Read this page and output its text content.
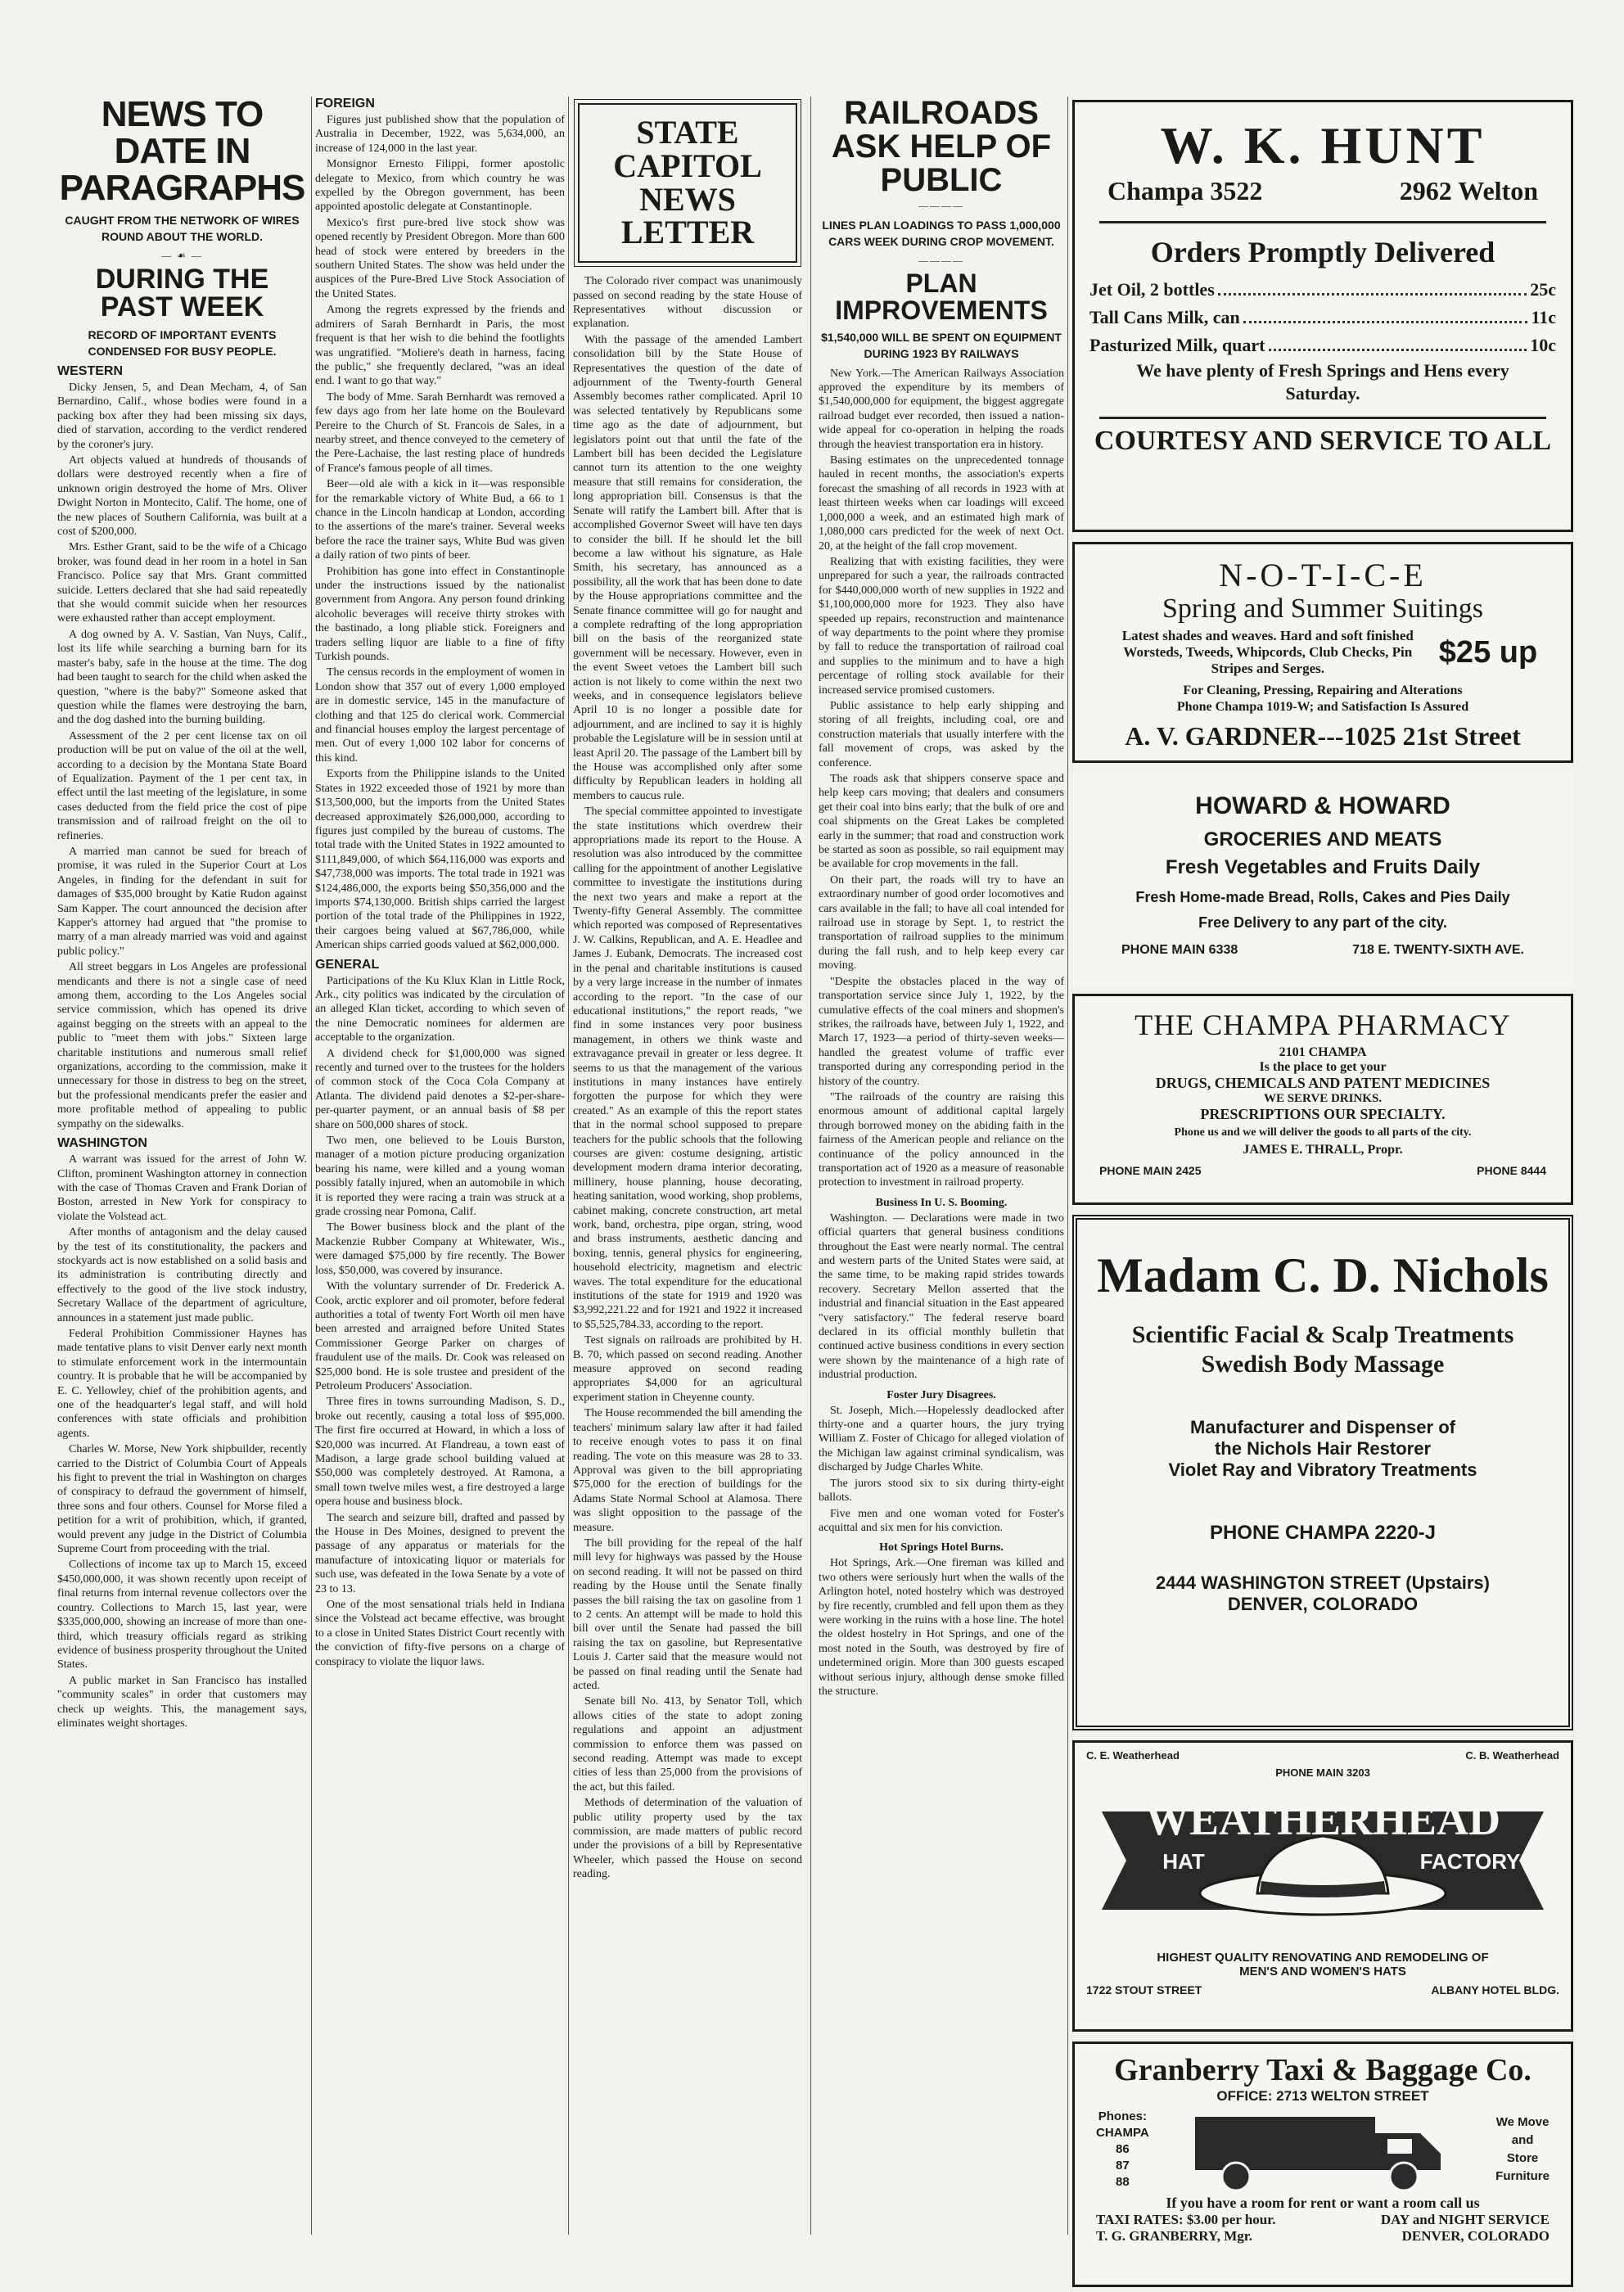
NEWS TO DATE IN PARAGRAPHS

CAUGHT FROM THE NETWORK OF WIRES ROUND ABOUT THE WORLD.

— ☙ —
DURING THE PAST WEEK

RECORD OF IMPORTANT EVENTS CONDENSED FOR BUSY PEOPLE.

WESTERN

Dicky Jensen, 5, and Dean Mecham, 4, of San Bernardino, Calif., whose bodies were found in a packing box after they had been missing six days, died of starvation, according to the verdict rendered by the coroner's jury.

Art objects valued at hundreds of thousands of dollars were destroyed recently when a fire of unknown origin destroyed the home of Mrs. Oliver Dwight Norton in Montecito, Calif. The home, one of the new places of Southern California, was built at a cost of $200,000.

Mrs. Esther Grant, said to be the wife of a Chicago broker, was found dead in her room in a hotel in San Francisco. Police say that Mrs. Grant committed suicide. Letters declared that she had said repeatedly that she would commit suicide when her resources were exhausted rather than accept employment.

A dog owned by A. V. Sastian, Van Nuys, Calif., lost its life while searching a burning barn for its master's baby, safe in the house at the time. The dog had been taught to search for the child when asked the question, "where is the baby?" Someone asked that question while the flames were destroying the barn, and the dog dashed into the burning building.

Assessment of the 2 per cent license tax on oil production will be put on value of the oil at the well, according to a decision by the Montana State Board of Equalization. Payment of the 1 per cent tax, in effect until the last meeting of the legislature, in some cases deducted from the field price the cost of pipe transmission and of railroad freight on the oil to refineries.

A married man cannot be sued for breach of promise, it was ruled in the Superior Court at Los Angeles, in finding for the defendant in suit for damages of $35,000 brought by Katie Rudon against Sam Kapper. The court announced the decision after Kapper's attorney had argued that "the promise to marry of a man already married was void and against public policy."

All street beggars in Los Angeles are professional mendicants and there is not a single case of need among them, according to the Los Angeles social service commission, which has opened its drive against begging on the streets with an appeal to the public to "meet them with jobs." Sixteen large charitable institutions and numerous small relief organizations, according to the commission, make it unnecessary for those in distress to beg on the street, but the professional mendicants prefer the easier and more profitable method of appealing to public sympathy on the sidewalks.

WASHINGTON

A warrant was issued for the arrest of John W. Clifton, prominent Washington attorney in connection with the case of Thomas Craven and Frank Dorian of Boston, arrested in New York for conspiracy to violate the Volstead act.

After months of antagonism and the delay caused by the test of its constitutionality, the packers and stockyards act is now established on a solid basis and its administration is contributing directly and effectively to the good of the live stock industry, Secretary Wallace of the department of agriculture, announces in a statement just made public.

Federal Prohibition Commissioner Haynes has made tentative plans to visit Denver early next month to stimulate enforcement work in the intermountain country. It is probable that he will be accompanied by E. C. Yellowley, chief of the prohibition agents, and one of the headquarter's legal staff, and will hold conferences with state officials and prohibition agents.

Charles W. Morse, New York shipbuilder, recently carried to the District of Columbia Court of Appeals his fight to prevent the trial in Washington on charges of conspiracy to defraud the government of himself, three sons and four others. Counsel for Morse filed a petition for a writ of prohibition, which, if granted, would prevent any judge in the District of Columbia Supreme Court from proceeding with the trial.

Collections of income tax up to March 15, exceed $450,000,000, it was shown recently upon receipt of final returns from internal revenue collectors over the country. Collections to March 15, last year, were $335,000,000, showing an increase of more than one-third, which treasury officials regard as striking evidence of business prosperity throughout the United States.

A public market in San Francisco has installed "community scales" in order that customers may check up weights. This, the management says, eliminates weight shortages.

FOREIGN

Figures just published show that the population of Australia in December, 1922, was 5,634,000, an increase of 124,000 in the last year.

Monsignor Ernesto Filippi, former apostolic delegate to Mexico, from which country he was expelled by the Obregon government, has been appointed apostolic delegate at Constantinople.

Mexico's first pure-bred live stock show was opened recently by President Obregon. More than 600 head of stock were entered by breeders in the southern United States. The show was held under the auspices of the Pure-Bred Live Stock Association of the United States.

Among the regrets expressed by the friends and admirers of Sarah Bernhardt in Paris, the most frequent is that her wish to die behind the footlights was ungratified. "Moliere's death in harness, facing the public," she frequently declared, "was an ideal end. I want to go that way."

The body of Mme. Sarah Bernhardt was removed a few days ago from her late home on the Boulevard Pereire to the Church of St. Francois de Sales, in a nearby street, and thence conveyed to the cemetery of the Pere-Lachaise, the last resting place of hundreds of France's famous people of all times.

Beer—old ale with a kick in it—was responsible for the remarkable victory of White Bud, a 66 to 1 chance in the Lincoln handicap at London, according to the assertions of the mare's trainer. Several weeks before the race the trainer says, White Bud was given a daily ration of two pints of beer.

Prohibition has gone into effect in Constantinople under the instructions issued by the nationalist government from Angora. Any person found drinking alcoholic beverages will receive thirty strokes with the bastinado, a long pliable stick. Foreigners and traders selling liquor are liable to a fine of fifty Turkish pounds.

The census records in the employment of women in London show that 357 out of every 1,000 employed are in domestic service, 145 in the manufacture of clothing and that 125 do clerical work. Commercial and financial houses employ the largest percentage of men. Out of every 1,000 102 labor for concerns of this kind.

Exports from the Philippine islands to the United States in 1922 exceeded those of 1921 by more than $13,500,000, but the imports from the United States decreased approximately $26,000,000, according to figures just compiled by the bureau of customs. The total trade with the United States in 1922 amounted to $111,849,000, of which $64,116,000 was exports and $47,738,000 was imports. The total trade in 1921 was $124,486,000, the exports being $50,356,000 and the imports $74,130,000. British ships carried the largest portion of the total trade of the Philippines in 1922, their cargoes being valued at $67,786,000, while American ships carried goods valued at $62,000,000.

GENERAL

Participations of the Ku Klux Klan in Little Rock, Ark., city politics was indicated by the circulation of an alleged Klan ticket, according to which seven of the nine Democratic nominees for aldermen are acceptable to the organization.

A dividend check for $1,000,000 was signed recently and turned over to the trustees for the holders of common stock of the Coca Cola Company at Atlanta. The dividend paid denotes a $2-per-share-per-quarter payment, or an annual basis of $8 per share on 500,000 shares of stock.

Two men, one believed to be Louis Burston, manager of a motion picture producing organization bearing his name, were killed and a young woman possibly fatally injured, when an automobile in which it is reported they were racing a train was struck at a grade crossing near Pomona, Calif.

The Bower business block and the plant of the Mackenzie Rubber Company at Whitewater, Wis., were damaged $75,000 by fire recently. The Bower loss, $50,000, was covered by insurance.

With the voluntary surrender of Dr. Frederick A. Cook, arctic explorer and oil promoter, before federal authorities a total of twenty Fort Worth oil men have been arrested and arraigned before United States Commissioner George Parker on charges of fraudulent use of the mails. Dr. Cook was released on $25,000 bond. He is sole trustee and president of the Petroleum Producers' Association.

Three fires in towns surrounding Madison, S. D., broke out recently, causing a total loss of $95,000. The first fire occurred at Howard, in which a loss of $20,000 was incurred. At Flandreau, a town east of Madison, a large grade school building valued at $50,000 was completely destroyed. At Ramona, a small town twelve miles west, a fire destroyed a large opera house and business block.

The search and seizure bill, drafted and passed by the House in Des Moines, designed to prevent the passage of any apparatus or materials for the manufacture of intoxicating liquor or materials for such use, was defeated in the Iowa Senate by a vote of 23 to 13.

One of the most sensational trials held in Indiana since the Volstead act became effective, was brought to a close in United States District Court recently with the conviction of fifty-five persons on a charge of conspiracy to violate the liquor laws.

STATE CAPITOL NEWS LETTER

The Colorado river compact was unanimously passed on second reading by the state House of Representatives without discussion or explanation.

With the passage of the amended Lambert consolidation bill by the State House of Representatives the question of the date of adjournment of the Twenty-fourth General Assembly becomes rather complicated. April 10 was selected tentatively by Republicans some time ago as the date of adjournment, but legislators point out that until the fate of the Lambert bill has been decided the Legislature cannot turn its attention to the one weighty measure that still remains for consideration, the long appropriation bill. Consensus is that the Senate will ratify the Lambert bill. After that is accomplished Governor Sweet will have ten days to consider the bill. If he should let the bill become a law without his signature, as Hale Smith, his secretary, has announced as a possibility, all the work that has been done to date by the House appropriations committee and the Senate finance committee will go for naught and a complete redrafting of the long appropriation bill on the basis of the reorganized state government will be necessary. However, even in the event Sweet vetoes the Lambert bill such action is not likely to come within the next two weeks, and in consequence legislators believe April 10 is no longer a possible date for adjournment, and are inclined to say it is highly probable the Legislature will be in session until at least April 20. The passage of the Lambert bill by the House was accomplished only after some difficulty by Republican leaders in holding all members to caucus rule.

The special committee appointed to investigate the state institutions which overdrew their appropriations made its report to the House. A resolution was also introduced by the committee calling for the appointment of another Legislative committee to investigate the institutions during the next two years and make a report at the Twenty-fifty General Assembly. The committee which reported was composed of Representatives J. W. Calkins, Republican, and A. E. Headlee and James J. Eubank, Democrats. The increased cost in the penal and charitable institutions is caused by a very large increase in the number of inmates according to the report. "In the case of our educational institutions," the report reads, "we find in some instances very poor business management, in others we think waste and extravagance prevail in greater or less degree. It seems to us that the management of the various institutions in many instances have entirely forgotten the purpose for which they were created." As an example of this the report states that in the normal school supposed to prepare teachers for the public schools that the following courses are given: costume designing, artistic development modern drama interior decorating, millinery, house planning, house decorating, heating sanitation, wood working, shop problems, cabinet making, concrete construction, art metal work, band, orchestra, pipe organ, string, wood and brass instruments, aesthetic dancing and boxing, tennis, general physics for engineering, household electricity, magnetism and electric waves. The total expenditure for the educational institutions of the state for 1919 and 1920 was $3,992,221.22 and for 1921 and 1922 it increased to $5,525,784.33, according to the report.

Test signals on railroads are prohibited by H. B. 70, which passed on second reading. Another measure approved on second reading appropriates $4,000 for an agricultural experiment station in Cheyenne county.

The House recommended the bill amending the teachers' minimum salary law after it had failed to receive enough votes to pass it on final reading. The vote on this measure was 28 to 33. Approval was given to the bill appropriating $75,000 for the erection of buildings for the Adams State Normal School at Alamosa. There was slight opposition to the passage of the measure.

The bill providing for the repeal of the half mill levy for highways was passed by the House on second reading. It will not be passed on third reading by the House until the Senate finally passes the bill raising the tax on gasoline from 1 to 2 cents. An attempt will be made to hold this bill over until the Senate had passed the bill raising the tax on gasoline, but Representative Louis J. Carter said that the measure would not be passed on final reading until the Senate had acted.

Senate bill No. 413, by Senator Toll, which allows cities of the state to adopt zoning regulations and appoint an adjustment commission to enforce them was passed on second reading. Attempt was made to except cities of less than 25,000 from the provisions of the act, but this failed.

Methods of determination of the valuation of public utility property used by the tax commission, are made matters of public record under the provisions of a bill by Representative Wheeler, which passed the House on second reading.

RAILROADS ASK HELP OF PUBLIC
————

LINES PLAN LOADINGS TO PASS 1,000,000 CARS WEEK DURING CROP MOVEMENT.

————
PLAN IMPROVEMENTS

$1,540,000 WILL BE SPENT ON EQUIPMENT DURING 1923 BY RAILWAYS

New York.—The American Railways Association approved the expenditure by its members of $1,540,000,000 for equipment, the biggest aggregate railroad budget ever recorded, then issued a nation-wide appeal for co-operation in helping the roads through the heaviest transportation era in history.

Basing estimates on the unprecedented tonnage hauled in recent months, the association's experts forecast the smashing of all records in 1923 with at least thirteen weeks when car loadings will exceed 1,000,000 a week, and an estimated high mark of 1,080,000 cars predicted for the week of next Oct. 20, at the height of the fall crop movement.

Realizing that with existing facilities, they were unprepared for such a year, the railroads contracted for $440,000,000 worth of new supplies in 1922 and $1,100,000,000 more for 1923. They also have speeded up repairs, reconstruction and maintenance of way departments to the point where they promise by fall to reduce the transportation of railroad coal and supplies to the minimum and to have a high percentage of rolling stock available for their increased service promised customers.

Public assistance to help early shipping and storing of all freights, including coal, ore and construction materials that usually interfere with the fall movement of crops, was asked by the conference.

The roads ask that shippers conserve space and help keep cars moving; that dealers and consumers get their coal into bins early; that the bulk of ore and coal shipments on the Great Lakes be completed early in the summer; that road and construction work be started as soon as possible, so rail equipment may be available for crop movements in the fall.

On their part, the roads will try to have an extraordinary number of good order locomotives and cars available in the fall; to have all coal intended for railroad use in storage by Sept. 1, to restrict the transportation of railroad supplies to the minimum during the fall rush, and to help keep every car moving.

"Despite the obstacles placed in the way of transportation service since July 1, 1922, by the cumulative effects of the coal miners and shopmen's strikes, the railroads have, between July 1, 1922, and March 17, 1923—a period of thirty-seven weeks—handled the greatest volume of traffic ever transported during any corresponding period in the history of the country.

"The railroads of the country are raising this enormous amount of additional capital largely through borrowed money on the abiding faith in the fairness of the American people and reliance on the continuance of the policy announced in the transportation act of 1920 as a measure of reasonable protection to investment in railroad property.

Business In U. S. Booming.

Washington. — Declarations were made in two official quarters that general business conditions throughout the East were nearly normal. The central and western parts of the United States were said, at the same time, to be making rapid strides towards recovery. Secretary Mellon asserted that the industrial and financial situation in the East appeared "very satisfactory." The federal reserve board declared in its official monthly bulletin that continued active business conditions in every section were shown by the maintenance of a high rate of industrial production.

Foster Jury Disagrees.

St. Joseph, Mich.—Hopelessly deadlocked after thirty-one and a quarter hours, the jury trying William Z. Foster of Chicago for alleged violation of the Michigan law against criminal syndicalism, was discharged by Judge Charles White.

The jurors stood six to six during thirty-eight ballots.

Five men and one woman voted for Foster's acquittal and six men for his conviction.

Hot Springs Hotel Burns.

Hot Springs, Ark.—One fireman was killed and two others were seriously hurt when the walls of the Arlington hotel, noted hostelry which was destroyed by fire recently, crumbled and fell upon them as they were working in the ruins with a hose line. The hotel the oldest hostelry in Hot Springs, and one of the most noted in the South, was destroyed by fire of undetermined origin. More than 300 guests escaped without serious injury, although dense smoke filled the structure.

W. K. HUNT
Champa 3522	2962 Welton
Orders Promptly Delivered
Jet Oil, 2 bottles	25c
Tall Cans Milk, can	11c
Pasturized Milk, quart	10c
We have plenty of Fresh Springs and Hens every Saturday.
COURTESY AND SERVICE TO ALL
N-O-T-I-C-E
Spring and Summer Suitings
Latest shades and weaves. Hard and soft finished Worsteds, Tweeds, Whipcords, Club Checks, Pin Stripes and Serges.	$25 up
For Cleaning, Pressing, Repairing and Alterations
Phone Champa 1019-W; and Satisfaction Is Assured
A. V. GARDNER---1025 21st Street
HOWARD & HOWARD
GROCERIES AND MEATS
Fresh Vegetables and Fruits Daily
Fresh Home-made Bread, Rolls, Cakes and Pies Daily
Free Delivery to any part of the city.
PHONE MAIN 6338	718 E. TWENTY-SIXTH AVE.
THE CHAMPA PHARMACY
2101 CHAMPA
Is the place to get your
DRUGS, CHEMICALS AND PATENT MEDICINES
WE SERVE DRINKS.
PRESCRIPTIONS OUR SPECIALTY.
Phone us and we will deliver the goods to all parts of the city.
JAMES E. THRALL, Propr.
PHONE MAIN 2425	PHONE 8444
Madam C. D. Nichols
Scientific Facial & Scalp Treatments
Swedish Body Massage
Manufacturer and Dispenser of
the Nichols Hair Restorer
Violet Ray and Vibratory Treatments
PHONE CHAMPA 2220-J
2444 WASHINGTON STREET (Upstairs)
DENVER, COLORADO
C. E. Weatherhead	C. B. Weatherhead
PHONE MAIN 3203
WEATHERHEAD
HAT	FACTORY
ESTABLISHED 1902
HIGHEST QUALITY RENOVATING AND REMODELING OF
MEN'S AND WOMEN'S HATS
1722 STOUT STREET	ALBANY HOTEL BLDG.
Granberry Taxi & Baggage Co.
OFFICE: 2713 WELTON STREET
Phones:
CHAMPA
86
87
88
We Move
and
Store
Furniture
If you have a room for rent or want a room call us
TAXI RATES: $3.00 per hour.	DAY and NIGHT SERVICE
T. G. GRANBERRY, Mgr.	DENVER, COLORADO
